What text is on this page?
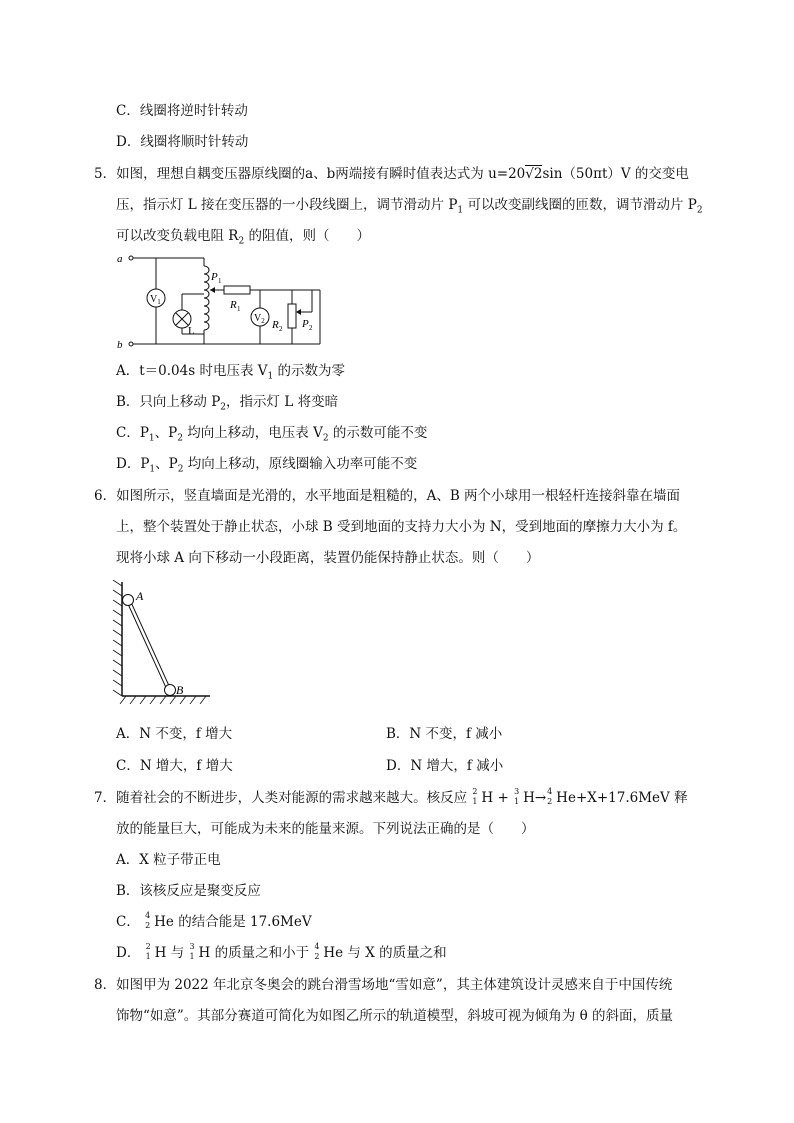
C．线圈将逆时针转动
D．线圈将顺时针转动
5．如图，理想自耦变压器原线圈的a、b两端接有瞬时值表达式为 u=20√2sin（50πt）V 的交变电
压，指示灯 L 接在变压器的一小段线圈上，调节滑动片 $P_1$ 可以改变副线圈的匝数，调节滑动片 $P_2$
可以改变负载电阻 $R_2$ 的阻值，则（　　）
a
b
$V_1$
P 1
R 1
$V_2$ R 2 P 2
L
A．t＝0.04s 时电压表 $V_1$ 的示数为零
B．只向上移动 $P_2$，指示灯 L 将变暗
C．$P_1$、$P_2$ 均向上移动，电压表 $V_2$ 的示数可能不变
D．$P_1$、$P_2$ 均向上移动，原线圈输入功率可能不变
6．如图所示，竖直墙面是光滑的，水平地面是粗糙的，A、B 两个小球用一根轻杆连接斜靠在墙面
上，整个装置处于静止状态，小球 B 受到地面的支持力大小为 N，受到地面的摩擦力大小为 f。
现将小球 A 向下移动一小段距离，装置仍能保持静止状态。则（　　）
A
B
A．N 不变，f 增大	B．N 不变，f 减小
C．N 增大，f 增大	D．N 增大，f 减小
7．随着社会的不断进步，人类对能源的需求越来越大。核反应 2
1 H + 3
1 H→ 4
2 He+X+17.6MeV 释
放的能量巨大，可能成为未来的能量来源。下列说法正确的是（　　）
A．X 粒子带正电
B．该核反应是聚变反应
C． 4
2 He 的结合能是 17.6MeV
D． 2
1 H 与 3
1 H 的质量之和小于 4
2 He 与 X 的质量之和
8．如图甲为 2022 年北京冬奥会的跳台滑雪场地“雪如意”，其主体建筑设计灵感来自于中国传统
饰物“如意”。其部分赛道可简化为如图乙所示的轨道模型，斜坡可视为倾角为 θ 的斜面，质量
